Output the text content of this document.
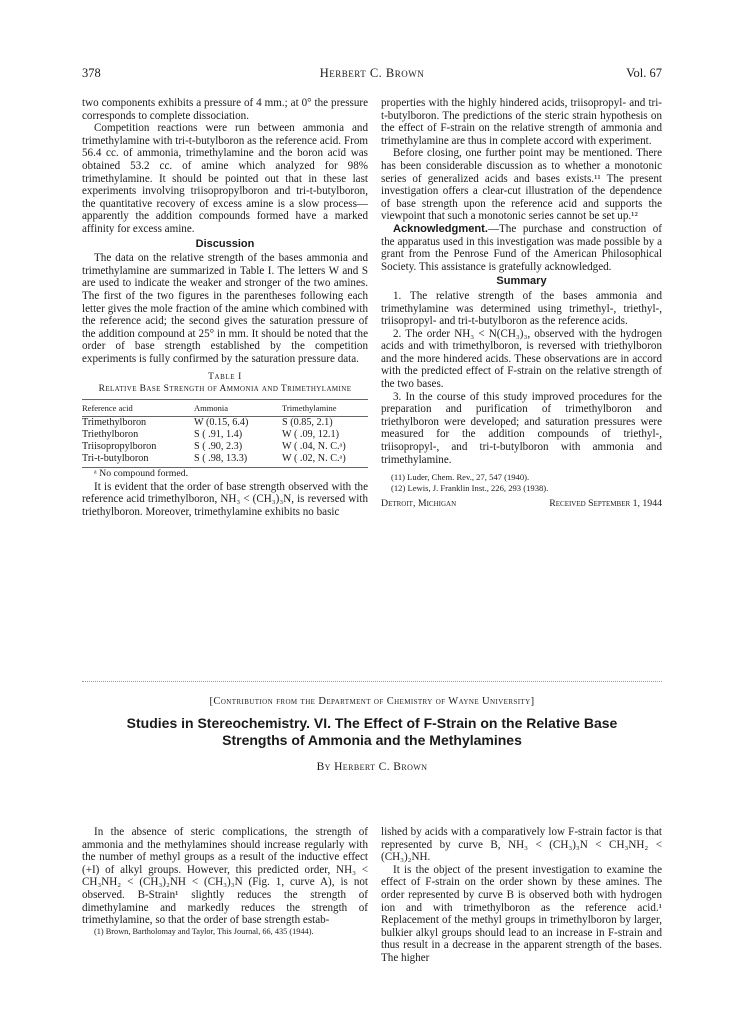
378	Herbert C. Brown	Vol. 67

two components exhibits a pressure of 4 mm.; at 0° the pressure corresponds to complete dissociation.

Competition reactions were run between ammonia and trimethylamine with tri-t-butylboron as the reference acid. From 56.4 cc. of ammonia, trimethylamine and the boron acid was obtained 53.2 cc. of amine which analyzed for 98% trimethylamine. It should be pointed out that in these last experiments involving triisopropylboron and tri-t-butylboron, the quantitative recovery of excess amine is a slow process—apparently the addition compounds formed have a marked affinity for excess amine.

Discussion

The data on the relative strength of the bases ammonia and trimethylamine are summarized in Table I. The letters W and S are used to indicate the weaker and stronger of the two amines. The first of the two figures in the parentheses following each letter gives the mole fraction of the amine which combined with the reference acid; the second gives the saturation pressure of the addition compound at 25° in mm. It should be noted that the order of base strength established by the competition experiments is fully confirmed by the saturation pressure data.

Table I
Relative Base Strength of Ammonia and Trimethylamine
Reference acid	Ammonia	Trimethylamine
Trimethylboron	W (0.15, 6.4)	S (0.85, 2.1)
Triethylboron	S ( .91, 1.4)	W ( .09, 12.1)
Triisopropylboron	S ( .90, 2.3)	W ( .04, N. C.ᵃ)
Tri-t-butylboron	S ( .98, 13.3)	W ( .02, N. C.ᵃ)

ᵃ No compound formed.

It is evident that the order of base strength observed with the reference acid trimethylboron, NH₃ < (CH₃)₃N, is reversed with triethylboron. Moreover, trimethylamine exhibits no basic

properties with the highly hindered acids, triisopropyl- and tri-t-butylboron. The predictions of the steric strain hypothesis on the effect of F-strain on the relative strength of ammonia and trimethylamine are thus in complete accord with experiment.

Before closing, one further point may be mentioned. There has been considerable discussion as to whether a monotonic series of generalized acids and bases exists.¹¹ The present investigation offers a clear-cut illustration of the dependence of base strength upon the reference acid and supports the viewpoint that such a monotonic series cannot be set up.¹²

Acknowledgment.—The purchase and construction of the apparatus used in this investigation was made possible by a grant from the Penrose Fund of the American Philosophical Society. This assistance is gratefully acknowledged.

Summary

1. The relative strength of the bases ammonia and trimethylamine was determined using trimethyl-, triethyl-, triisopropyl- and tri-t-butylboron as the reference acids.

2. The order NH₃ < N(CH₃)₃, observed with the hydrogen acids and with trimethylboron, is reversed with triethylboron and the more hindered acids. These observations are in accord with the predicted effect of F-strain on the relative strength of the two bases.

3. In the course of this study improved procedures for the preparation and purification of trimethylboron and triethylboron were developed; and saturation pressures were measured for the addition compounds of triethyl-, triisopropyl-, and tri-t-butylboron with ammonia and trimethylamine.

(11) Luder, Chem. Rev., 27, 547 (1940).
(12) Lewis, J. Franklin Inst., 226, 293 (1938).
Detroit, Michigan	Received September 1, 1944
[Contribution from the Department of Chemistry of Wayne University]
Studies in Stereochemistry. VI. The Effect of F-Strain on the Relative Base
Strengths of Ammonia and the Methylamines
By Herbert C. Brown

In the absence of steric complications, the strength of ammonia and the methylamines should increase regularly with the number of methyl groups as a result of the inductive effect (+I) of alkyl groups. However, this predicted order, NH₃ < CH₃NH₂ < (CH₃)₂NH < (CH₃)₃N (Fig. 1, curve A), is not observed. B-Strain¹ slightly reduces the strength of dimethylamine and markedly reduces the strength of trimethylamine, so that the order of base strength estab-

(1) Brown, Bartholomay and Taylor, This Journal, 66, 435 (1944).

lished by acids with a comparatively low F-strain factor is that represented by curve B, NH₃ < (CH₃)₃N < CH₃NH₂ < (CH₃)₂NH.

It is the object of the present investigation to examine the effect of F-strain on the order shown by these amines. The order represented by curve B is observed both with hydrogen ion and with trimethylboron as the reference acid.¹ Replacement of the methyl groups in trimethylboron by larger, bulkier alkyl groups should lead to an increase in F-strain and thus result in a decrease in the apparent strength of the bases. The higher
